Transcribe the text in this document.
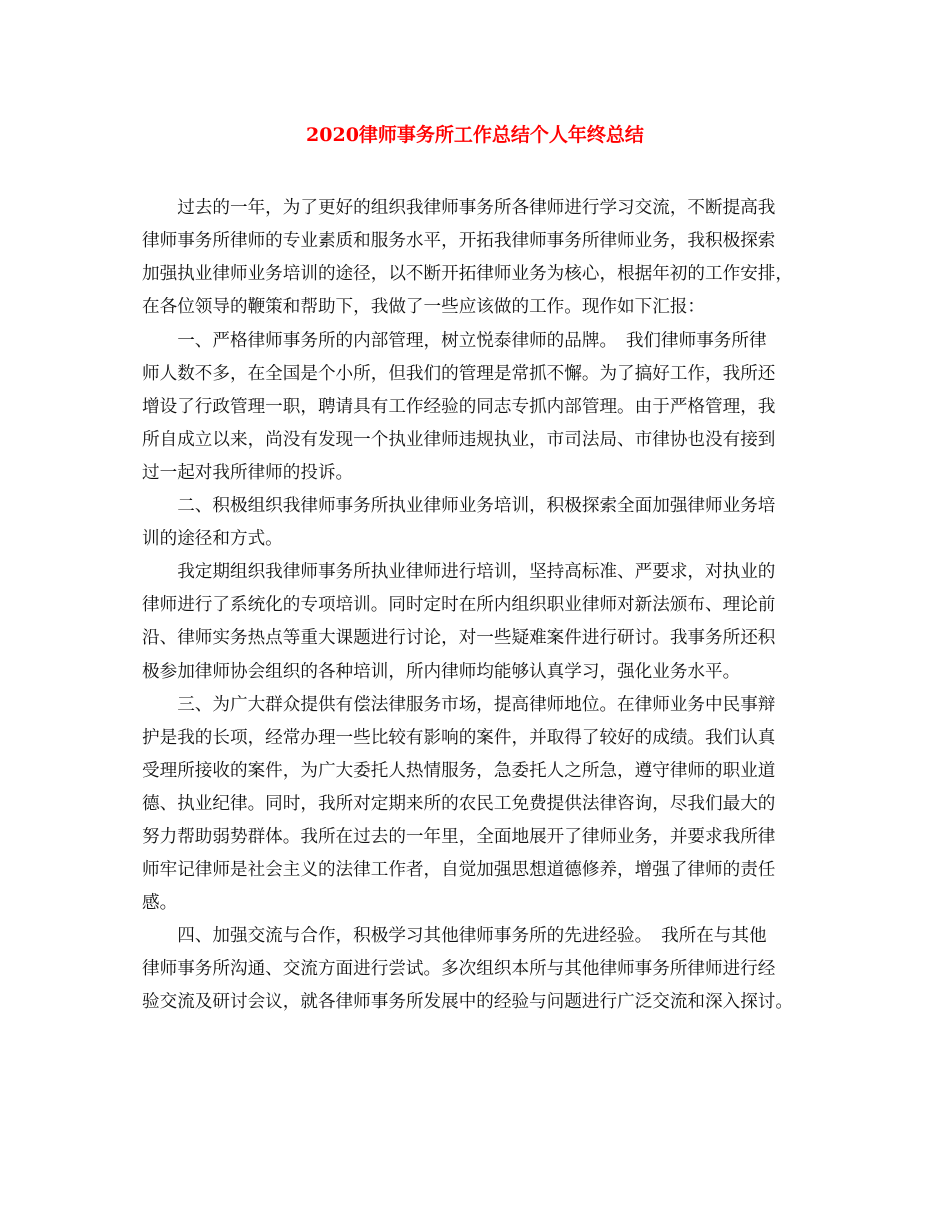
2020律师事务所工作总结个人年终总结
　　过去的一年，为了更好的组织我律师事务所各律师进行学习交流，不断提高我
律师事务所律师的专业素质和服务水平，开拓我律师事务所律师业务，我积极探索
加强执业律师业务培训的途径，以不断开拓律师业务为核心，根据年初的工作安排，
在各位领导的鞭策和帮助下，我做了一些应该做的工作。现作如下汇报：
　　一、严格律师事务所的内部管理，树立悦泰律师的品牌。　我们律师事务所律
师人数不多，在全国是个小所，但我们的管理是常抓不懈。为了搞好工作，我所还
增设了行政管理一职，聘请具有工作经验的同志专抓内部管理。由于严格管理，我
所自成立以来，尚没有发现一个执业律师违规执业，市司法局、市律协也没有接到
过一起对我所律师的投诉。
　　二、积极组织我律师事务所执业律师业务培训，积极探索全面加强律师业务培
训的途径和方式。
　　我定期组织我律师事务所执业律师进行培训，坚持高标准、严要求，对执业的
律师进行了系统化的专项培训。同时定时在所内组织职业律师对新法颁布、理论前
沿、律师实务热点等重大课题进行讨论，对一些疑难案件进行研讨。我事务所还积
极参加律师协会组织的各种培训，所内律师均能够认真学习，强化业务水平。
　　三、为广大群众提供有偿法律服务市场，提高律师地位。在律师业务中民事辩
护是我的长项，经常办理一些比较有影响的案件，并取得了较好的成绩。我们认真
受理所接收的案件，为广大委托人热情服务，急委托人之所急，遵守律师的职业道
德、执业纪律。同时，我所对定期来所的农民工免费提供法律咨询，尽我们最大的
努力帮助弱势群体。我所在过去的一年里，全面地展开了律师业务，并要求我所律
师牢记律师是社会主义的法律工作者，自觉加强思想道德修养，增强了律师的责任
感。
　　四、加强交流与合作，积极学习其他律师事务所的先进经验。　我所在与其他
律师事务所沟通、交流方面进行尝试。多次组织本所与其他律师事务所律师进行经
验交流及研讨会议，就各律师事务所发展中的经验与问题进行广泛交流和深入探讨。
